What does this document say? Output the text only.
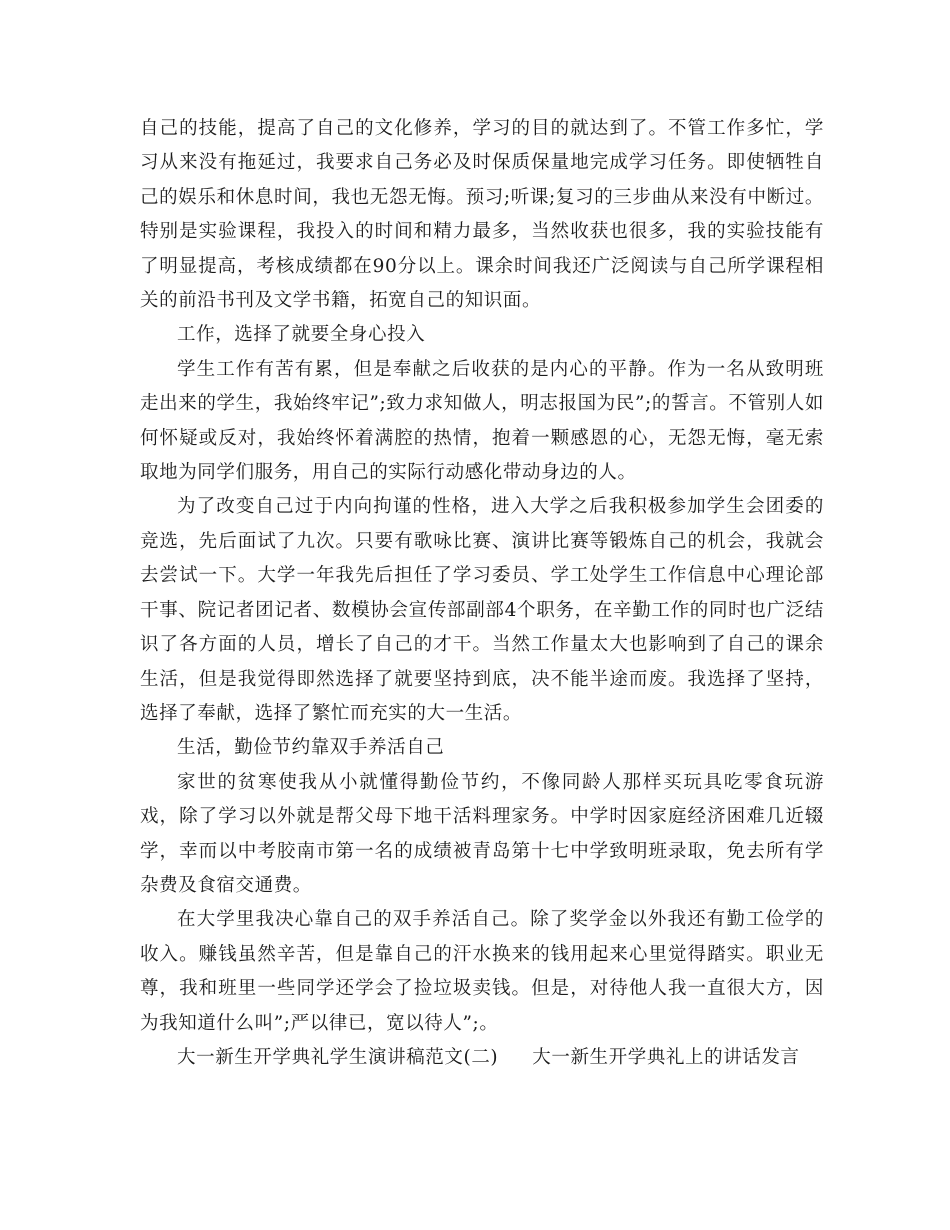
自己的技能，提高了自己的文化修养，学习的目的就达到了。不管工作多忙，学习从来没有拖延过，我要求自己务必及时保质保量地完成学习任务。即使牺牲自己的娱乐和休息时间，我也无怨无悔。预习;听课;复习的三步曲从来没有中断过。特别是实验课程，我投入的时间和精力最多，当然收获也很多，我的实验技能有了明显提高，考核成绩都在90分以上。课余时间我还广泛阅读与自己所学课程相关的前沿书刊及文学书籍，拓宽自己的知识面。

工作，选择了就要全身心投入

学生工作有苦有累，但是奉献之后收获的是内心的平静。作为一名从致明班走出来的学生，我始终牢记”;致力求知做人，明志报国为民”;的誓言。不管别人如何怀疑或反对，我始终怀着满腔的热情，抱着一颗感恩的心，无怨无悔，毫无索取地为同学们服务，用自己的实际行动感化带动身边的人。

为了改变自己过于内向拘谨的性格，进入大学之后我积极参加学生会团委的竞选，先后面试了九次。只要有歌咏比赛、演讲比赛等锻炼自己的机会，我就会去尝试一下。大学一年我先后担任了学习委员、学工处学生工作信息中心理论部干事、院记者团记者、数模协会宣传部副部4个职务，在辛勤工作的同时也广泛结识了各方面的人员，增长了自己的才干。当然工作量太大也影响到了自己的课余生活，但是我觉得即然选择了就要坚持到底，决不能半途而废。我选择了坚持，选择了奉献，选择了繁忙而充实的大一生活。

生活，勤俭节约靠双手养活自己

家世的贫寒使我从小就懂得勤俭节约，不像同龄人那样买玩具吃零食玩游戏，除了学习以外就是帮父母下地干活料理家务。中学时因家庭经济困难几近辍学，幸而以中考胶南市第一名的成绩被青岛第十七中学致明班录取，免去所有学杂费及食宿交通费。

在大学里我决心靠自己的双手养活自己。除了奖学金以外我还有勤工俭学的收入。赚钱虽然辛苦，但是靠自己的汗水换来的钱用起来心里觉得踏实。职业无尊，我和班里一些同学还学会了捡垃圾卖钱。但是，对待他人我一直很大方，因为我知道什么叫”;严以律已，宽以待人”;。

大一新生开学典礼学生演讲稿范文(二) 大一新生开学典礼上的讲话发言
